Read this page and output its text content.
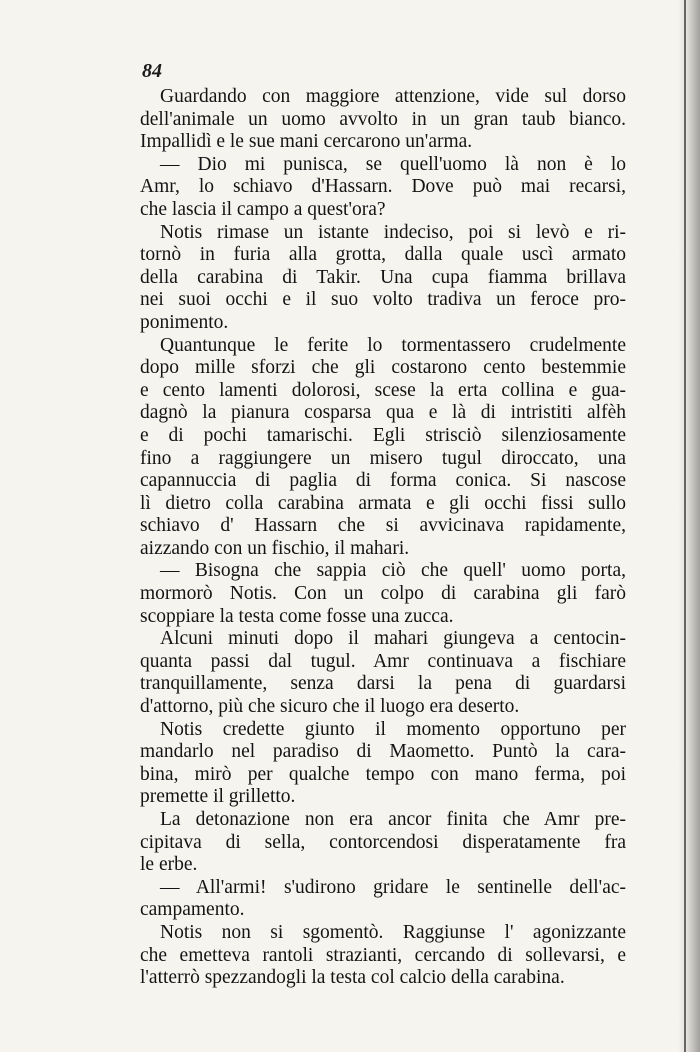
84
Guardando con maggiore attenzione, vide sul dorso
dell'animale un uomo avvolto in un gran taub bianco.
Impallidì e le sue mani cercarono un'arma.
— Dio mi punisca, se quell'uomo là non è lo
Amr, lo schiavo d'Hassarn. Dove può mai recarsi,
che lascia il campo a quest'ora?
Notis rimase un istante indeciso, poi si levò e ri-
tornò in furia alla grotta, dalla quale uscì armato
della carabina di Takir. Una cupa fiamma brillava
nei suoi occhi e il suo volto tradiva un feroce pro-
ponimento.
Quantunque le ferite lo tormentassero crudelmente
dopo mille sforzi che gli costarono cento bestemmie
e cento lamenti dolorosi, scese la erta collina e gua-
dagnò la pianura cosparsa qua e là di intristiti alfèh
e di pochi tamarischi. Egli strisciò silenziosamente
fino a raggiungere un misero tugul diroccato, una
capannuccia di paglia di forma conica. Si nascose
lì dietro colla carabina armata e gli occhi fissi sullo
schiavo d' Hassarn che si avvicinava rapidamente,
aizzando con un fischio, il mahari.
— Bisogna che sappia ciò che quell' uomo porta,
mormorò Notis. Con un colpo di carabina gli farò
scoppiare la testa come fosse una zucca.
Alcuni minuti dopo il mahari giungeva a centocin-
quanta passi dal tugul. Amr continuava a fischiare
tranquillamente, senza darsi la pena di guardarsi
d'attorno, più che sicuro che il luogo era deserto.
Notis credette giunto il momento opportuno per
mandarlo nel paradiso di Maometto. Puntò la cara-
bina, mirò per qualche tempo con mano ferma, poi
premette il grilletto.
La detonazione non era ancor finita che Amr pre-
cipitava di sella, contorcendosi disperatamente fra
le erbe.
— All'armi! s'udirono gridare le sentinelle dell'ac-
campamento.
Notis non si sgomentò. Raggiunse l' agonizzante
che emetteva rantoli strazianti, cercando di sollevarsi, e
l'atterrò spezzandogli la testa col calcio della carabina.
